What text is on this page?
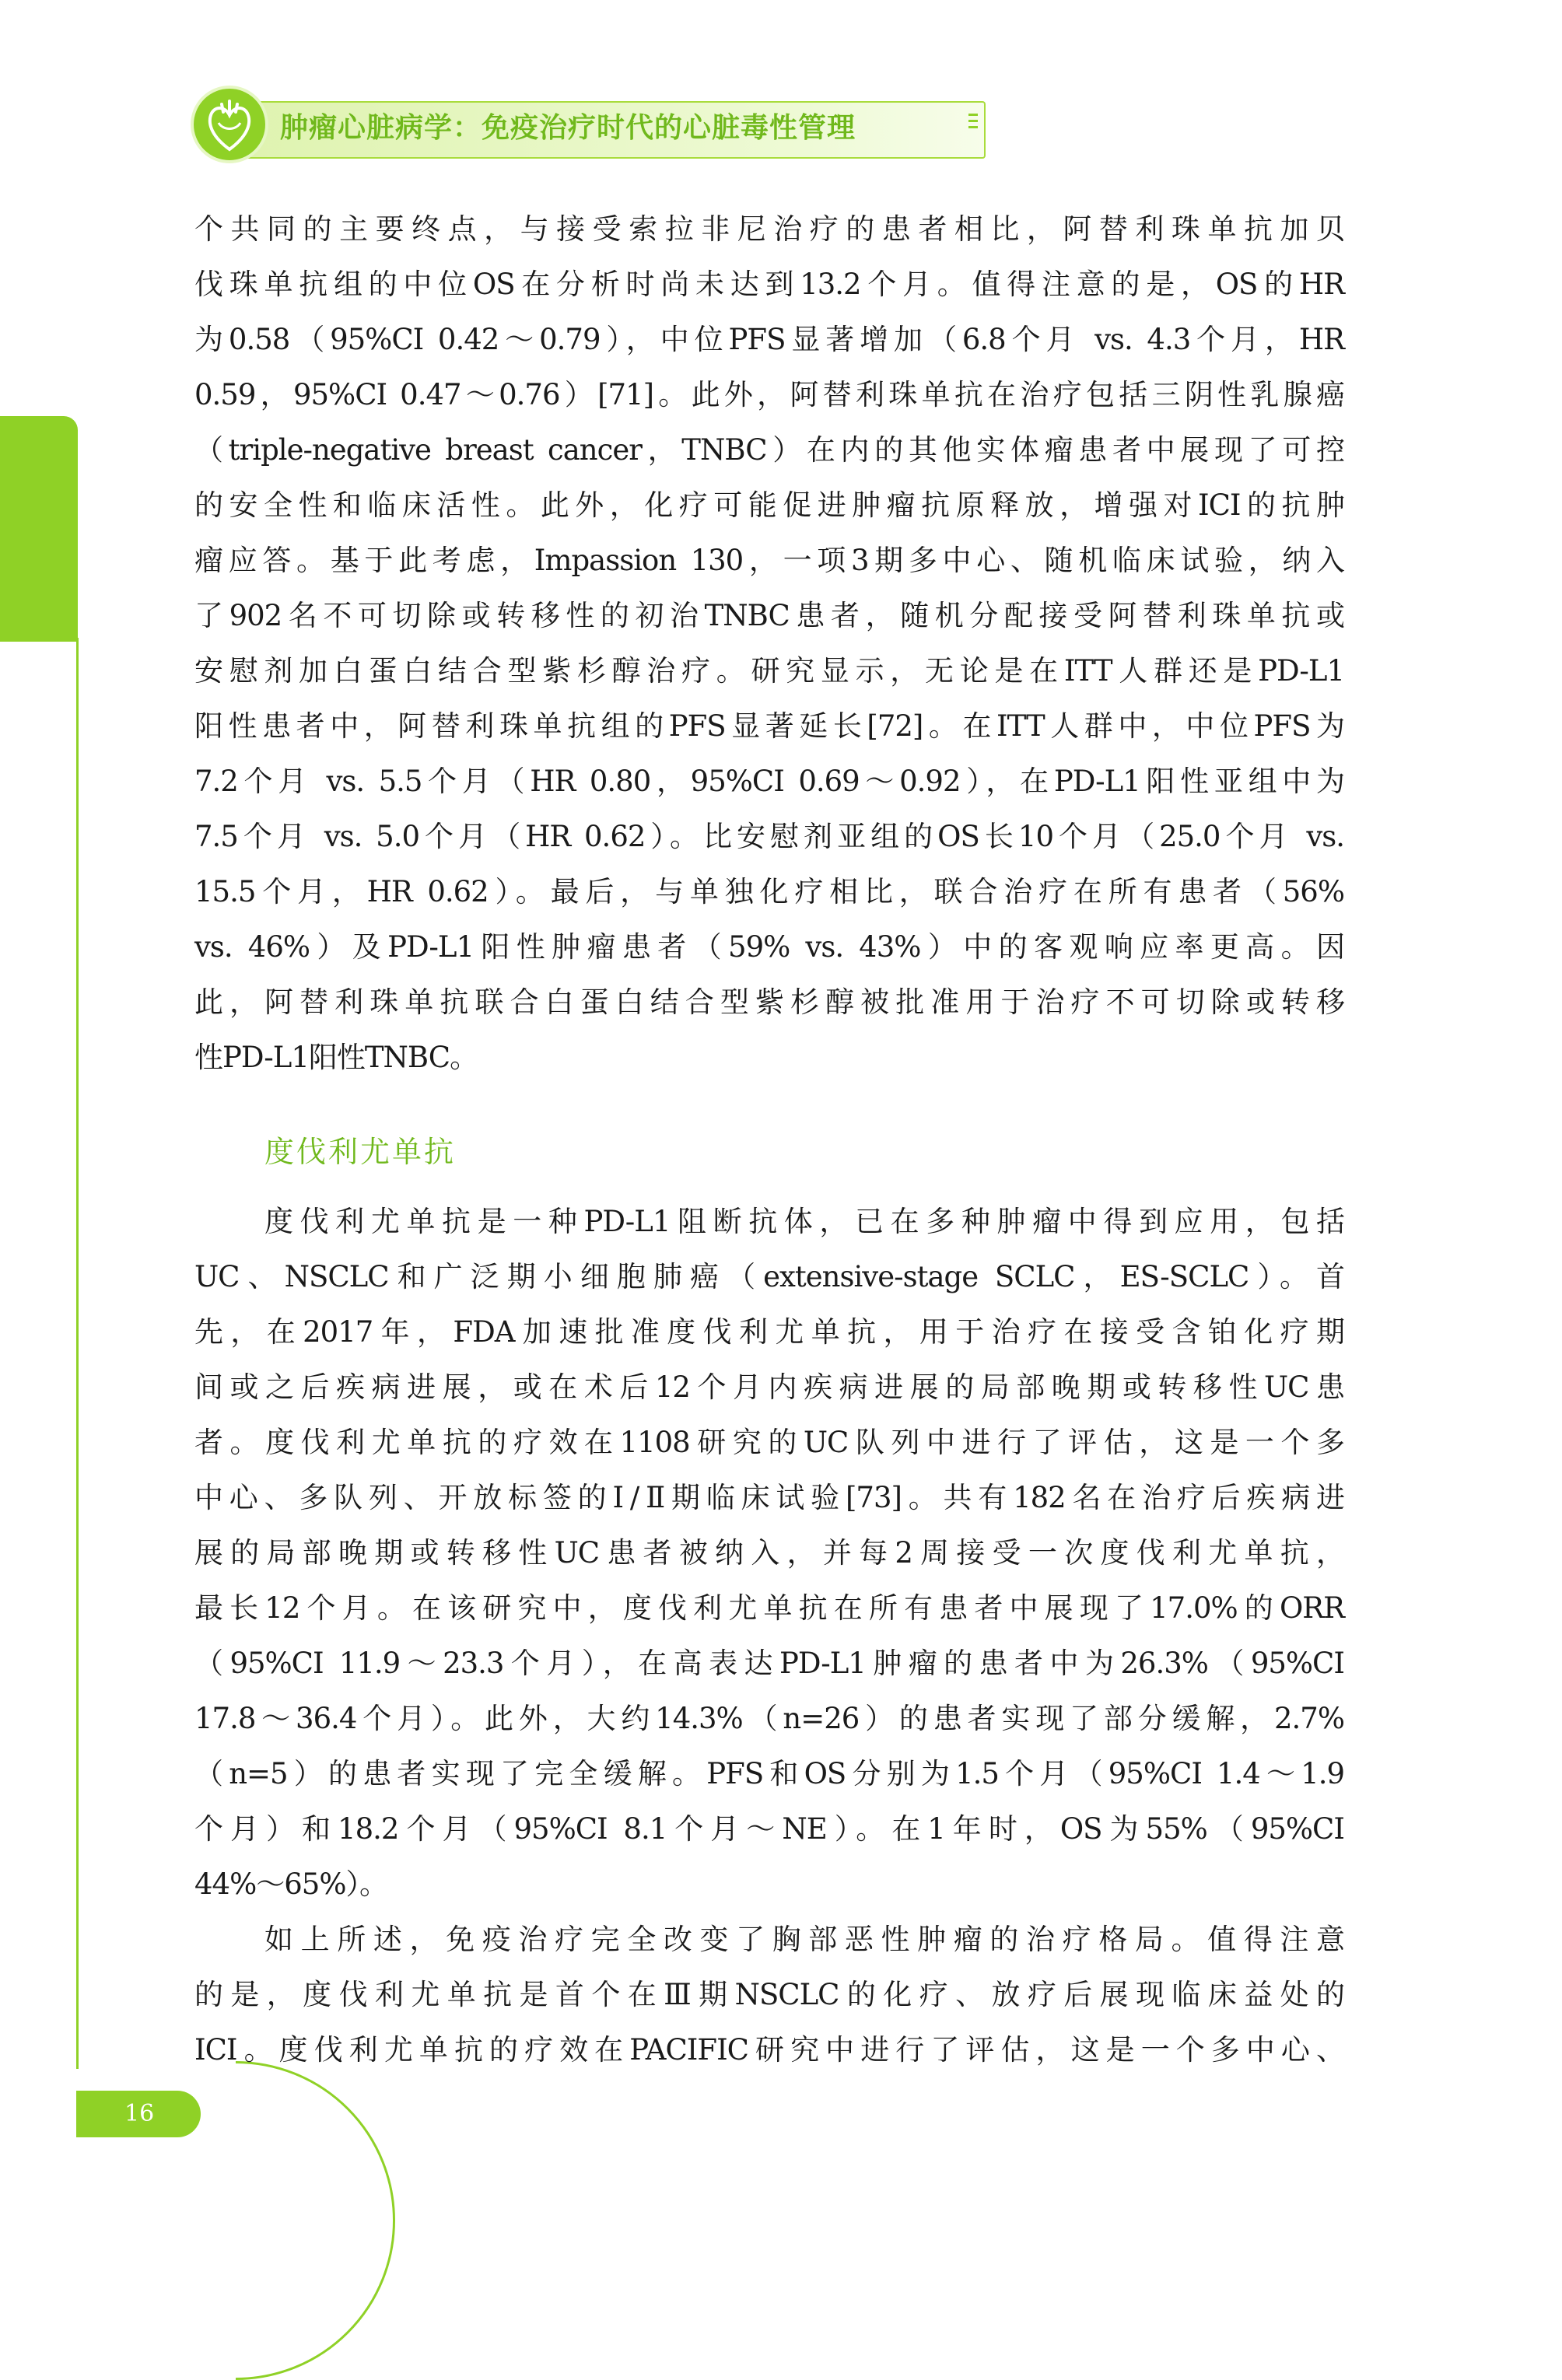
肿瘤心脏病学：免疫治疗时代的心脏毒性管理
16
个共同的主要终点，与接受索拉非尼治疗的患者相比，阿替利珠单抗加贝
伐珠单抗组的中位OS在分析时尚未达到13.2个月。值得注意的是，OS的HR
为0.58（95%CI 0.42～0.79），中位PFS显著增加（6.8个月 vs. 4.3个月，HR
0.59，95%CI 0.47～0.76）[71]。此外，阿替利珠单抗在治疗包括三阴性乳腺癌
（triple-negative breast cancer，TNBC）在内的其他实体瘤患者中展现了可控
的安全性和临床活性。此外，化疗可能促进肿瘤抗原释放，增强对ICI的抗肿
瘤应答。基于此考虑，Impassion 130，一项3期多中心、随机临床试验，纳入
了902名不可切除或转移性的初治TNBC患者，随机分配接受阿替利珠单抗或
安慰剂加白蛋白结合型紫杉醇治疗。研究显示，无论是在ITT人群还是PD-L1
阳性患者中，阿替利珠单抗组的PFS显著延长[72]。在ITT人群中，中位PFS为
7.2个月 vs. 5.5个月（HR 0.80，95%CI 0.69～0.92），在PD-L1阳性亚组中为
7.5个月 vs. 5.0个月（HR 0.62）。比安慰剂亚组的OS长10个月（25.0个月 vs.
15.5个月，HR 0.62）。最后，与单独化疗相比，联合治疗在所有患者（56%
vs. 46%）及PD-L1阳性肿瘤患者（59% vs. 43%）中的客观响应率更高。因
此，阿替利珠单抗联合白蛋白结合型紫杉醇被批准用于治疗不可切除或转移
性PD-L1阳性TNBC。
度伐利尤单抗
度伐利尤单抗是一种PD-L1阻断抗体，已在多种肿瘤中得到应用，包括
UC、NSCLC和广泛期小细胞肺癌（extensive-stage SCLC，ES-SCLC）。首
先，在2017年，FDA加速批准度伐利尤单抗，用于治疗在接受含铂化疗期
间或之后疾病进展，或在术后12个月内疾病进展的局部晚期或转移性UC患
者。度伐利尤单抗的疗效在1108研究的UC队列中进行了评估，这是一个多
中心、多队列、开放标签的Ⅰ/Ⅱ期临床试验[73]。共有182名在治疗后疾病进
展的局部晚期或转移性UC患者被纳入，并每2周接受一次度伐利尤单抗，
最长12个月。在该研究中，度伐利尤单抗在所有患者中展现了17.0%的ORR
（95%CI 11.9～23.3个月），在高表达PD-L1肿瘤的患者中为26.3%（95%CI
17.8～36.4个月）。此外，大约14.3%（n=26）的患者实现了部分缓解，2.7%
（n=5）的患者实现了完全缓解。PFS和OS分别为1.5个月（95%CI 1.4～1.9
个月）和18.2个月（95%CI 8.1个月～NE）。在1年时，OS为55%（95%CI
44%～65%）。
如上所述，免疫治疗完全改变了胸部恶性肿瘤的治疗格局。值得注意
的是，度伐利尤单抗是首个在Ⅲ期NSCLC的化疗、放疗后展现临床益处的
ICI。度伐利尤单抗的疗效在PACIFIC研究中进行了评估，这是一个多中心、
